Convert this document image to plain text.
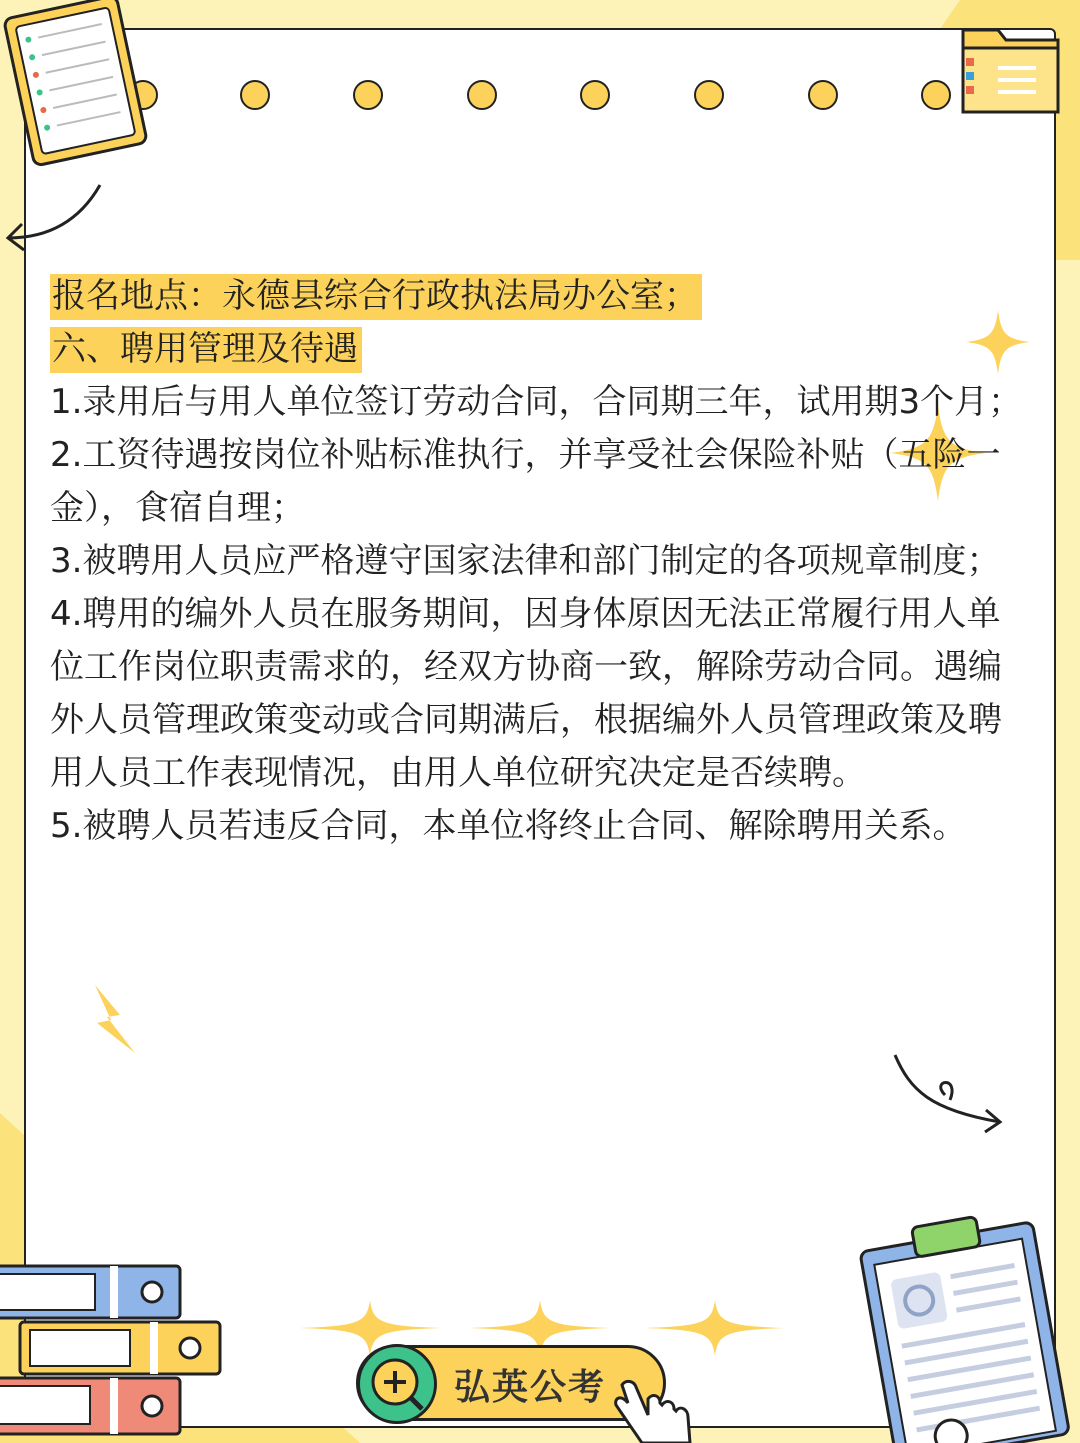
报名地点：永德县综合行政执法局办公室；

六、聘用管理及待遇

1.录用后与用人单位签订劳动合同，合同期三年，试用期3个月；

2.工资待遇按岗位补贴标准执行，并享受社会保险补贴（五险一金），食宿自理；

3.被聘用人员应严格遵守国家法律和部门制定的各项规章制度；

4.聘用的编外人员在服务期间，因身体原因无法正常履行用人单位工作岗位职责需求的，经双方协商一致，解除劳动合同。遇编外人员管理政策变动或合同期满后，根据编外人员管理政策及聘用人员工作表现情况，由用人单位研究决定是否续聘。

5.被聘人员若违反合同，本单位将终止合同、解除聘用关系。

弘英公考
